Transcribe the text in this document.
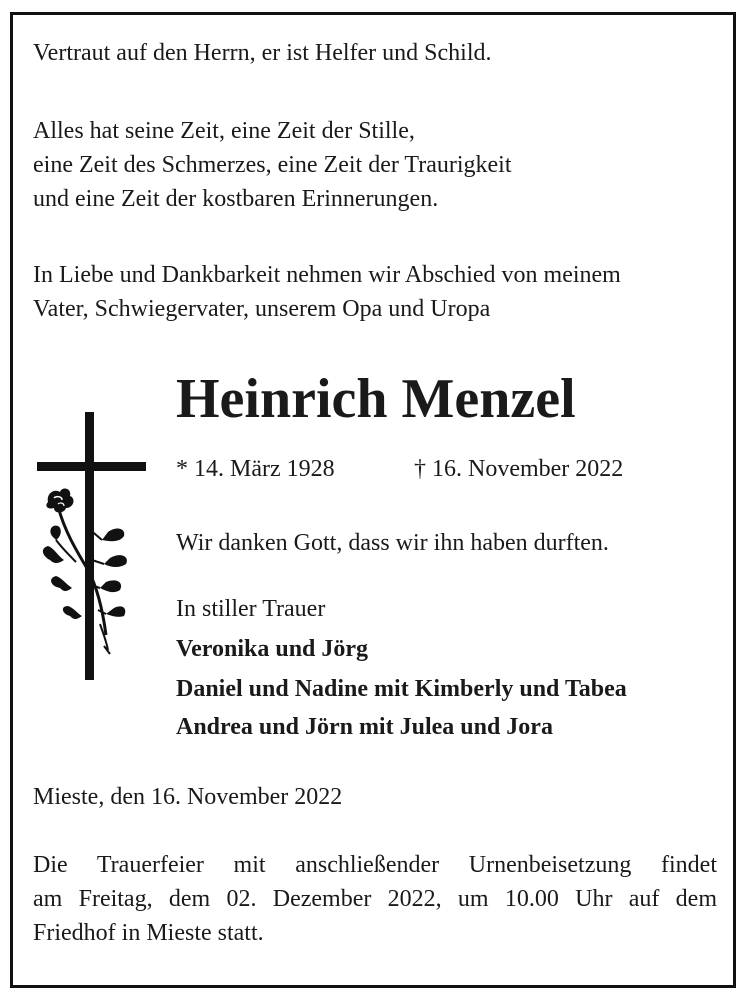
Vertraut auf den Herrn, er ist Helfer und Schild.
Alles hat seine Zeit, eine Zeit der Stille,
eine Zeit des Schmerzes, eine Zeit der Traurigkeit
und eine Zeit der kostbaren Erinnerungen.
In Liebe und Dankbarkeit nehmen wir Abschied von meinem
Vater, Schwiegervater, unserem Opa und Uropa
Heinrich Menzel
* 14. März 1928	† 16. November 2022
Wir danken Gott, dass wir ihn haben durften.
In stiller Trauer
Veronika und Jörg
Daniel und Nadine mit Kimberly und Tabea
Andrea und Jörn mit Julea und Jora
Mieste, den 16. November 2022
Die Trauerfeier mit anschließender Urnenbeisetzung findet
am Freitag, dem 02. Dezember 2022, um 10.00 Uhr auf dem
Friedhof in Mieste statt.
